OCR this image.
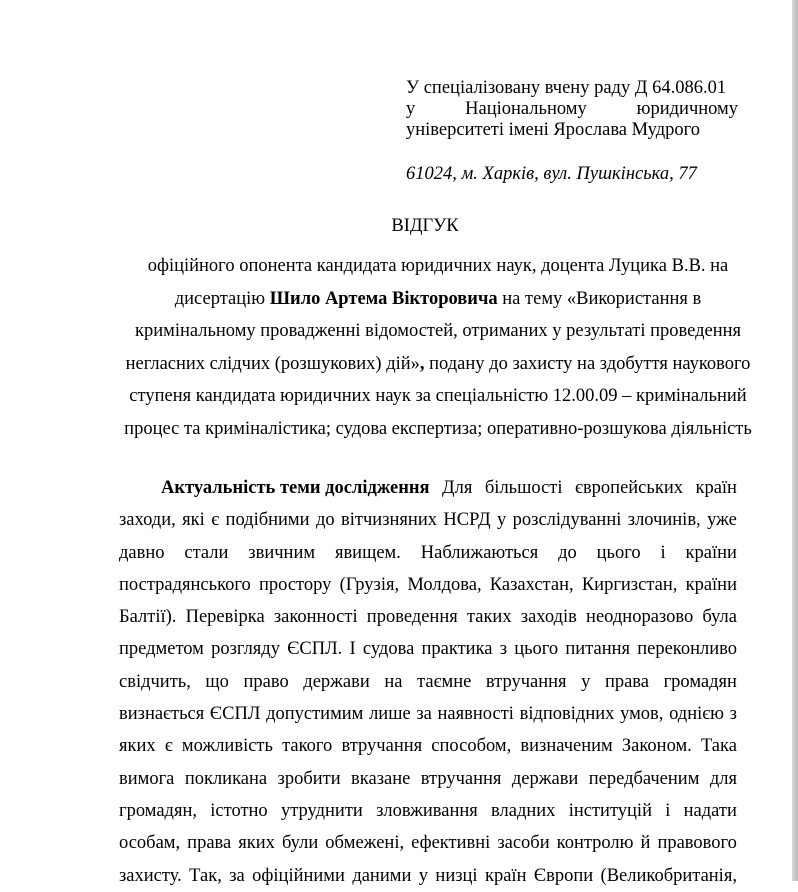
У спеціалізовану вчену раду Д 64.086.01
у	Національному	юридичному
університеті імені Ярослава Мудрого
61024, м. Харків, вул. Пушкінська, 77
ВІДГУК
офіційного опонента кандидата юридичних наук, доцента Луцика В.В. на
дисертацію Шило Артема Вікторовича на тему «Використання в
кримінальному провадженні відомостей, отриманих у результаті проведення
негласних слідчих (розшукових) дій», подану до захисту на здобуття наукового
ступеня кандидата юридичних наук за спеціальністю 12.00.09 – кримінальний
процес та криміналістика; судова експертиза; оперативно-розшукова діяльність
Актуальність теми дослідження Для більшості європейських країн
заходи, які є подібними до вітчизняних НСРД у розслідуванні злочинів, уже
давно стали звичним явищем. Наближаються до цього і країни
пострадянського простору (Грузія, Молдова, Казахстан, Киргизстан, країни
Балтії). Перевірка законності проведення таких заходів неодноразово була
предметом розгляду ЄСПЛ. І судова практика з цього питання переконливо
свідчить, що право держави на таємне втручання у права громадян
визнається ЄСПЛ допустимим лише за наявності відповідних умов, однією з
яких є можливість такого втручання способом, визначеним Законом. Така
вимога покликана зробити вказане втручання держави передбаченим для
громадян, істотно утруднити зловживання владних інституцій і надати
особам, права яких були обмежені, ефективні засоби контролю й правового
захисту. Так, за офіційними даними у низці країн Європи (Великобританія,
